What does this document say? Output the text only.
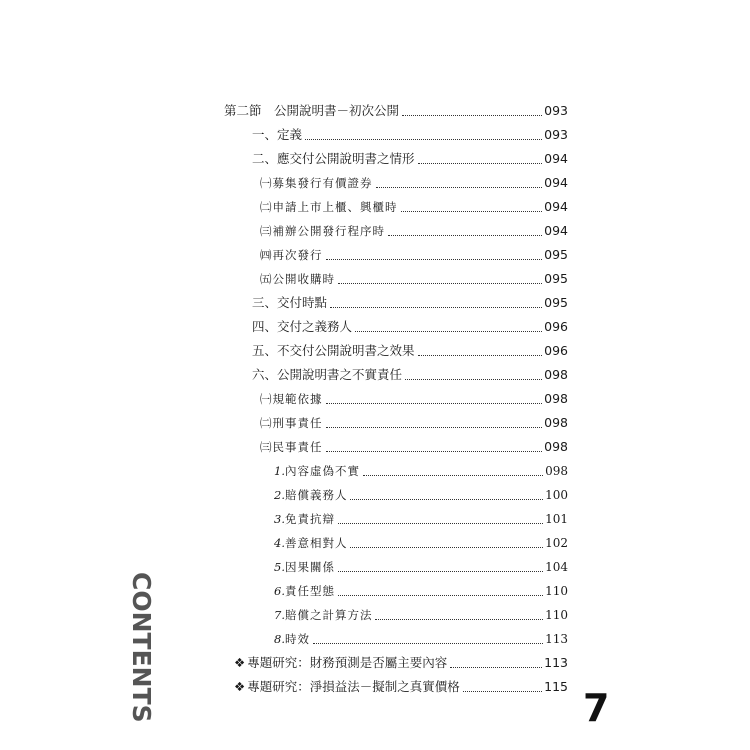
第二節　公開說明書－初次公開	093
一、定義	093
二、應交付公開說明書之情形	094
㈠募集發行有價證券	094
㈡申請上市上櫃、興櫃時	094
㈢補辦公開發行程序時	094
㈣再次發行	095
㈤公開收購時	095
三、交付時點	095
四、交付之義務人	096
五、不交付公開說明書之效果	096
六、公開說明書之不實責任	098
㈠規範依據	098
㈡刑事責任	098
㈢民事責任	098
1.內容虛偽不實	098
2.賠償義務人	100
3.免責抗辯	101
4.善意相對人	102
5.因果關係	104
6.責任型態	110
7.賠償之計算方法	110
8.時效	113
❖ 專題研究：財務預測是否屬主要內容	113
❖ 專題研究：淨損益法－擬制之真實價格	115
CONTENTS	7
